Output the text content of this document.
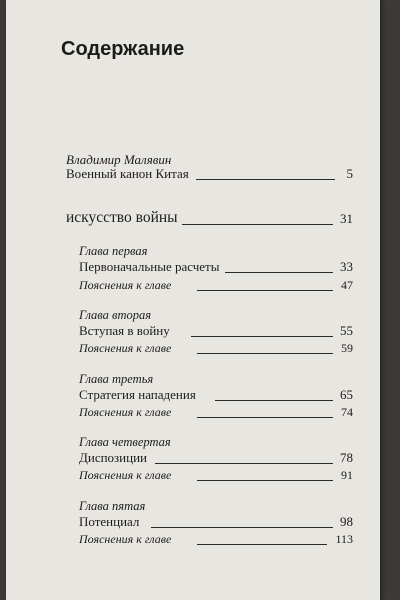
Содержание
Владимир Малявин
Военный канон Китая	5
искусство войны	31
Глава первая
Первоначальные расчеты	33
Пояснения к главе	47
Глава вторая
Вступая в войну	55
Пояснения к главе	59
Глава третья
Стратегия нападения	65
Пояснения к главе	74
Глава четвертая
Диспозиции	78
Пояснения к главе	91
Глава пятая
Потенциал	98
Пояснения к главе	113
